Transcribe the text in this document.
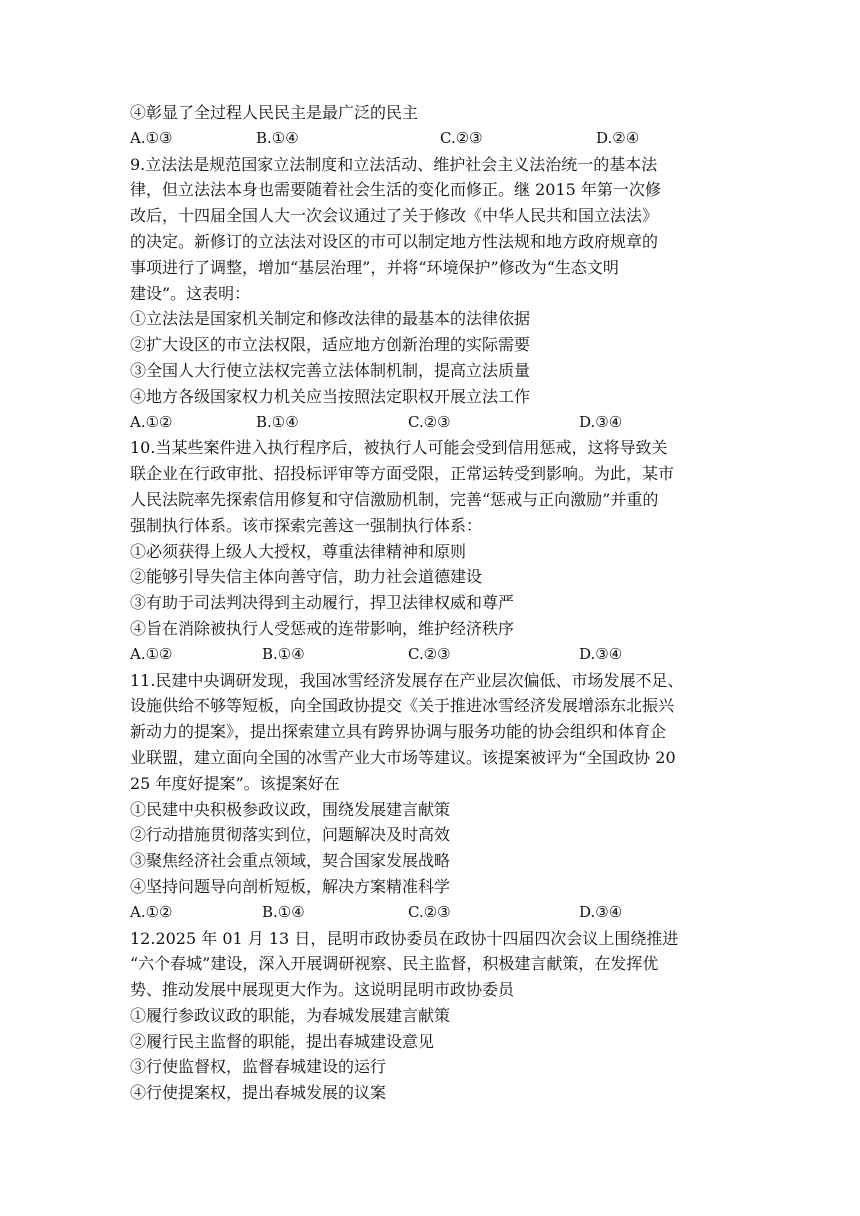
④彰显了全过程人民民主是最广泛的民主
A.①③	B.①④	C.②③	D.②④
9.立法法是规范国家立法制度和立法活动、维护社会主义法治统一的基本法
律，但立法法本身也需要随着社会生活的变化而修正。继 2015 年第一次修
改后，十四届全国人大一次会议通过了关于修改《中华人民共和国立法法》
的决定。新修订的立法法对设区的市可以制定地方性法规和地方政府规章的
事项进行了调整，增加“基层治理”，并将“环境保护”修改为“生态文明
建设”。这表明：
①立法法是国家机关制定和修改法律的最基本的法律依据
②扩大设区的市立法权限，适应地方创新治理的实际需要
③全国人大行使立法权完善立法体制机制，提高立法质量
④地方各级国家权力机关应当按照法定职权开展立法工作
A.①②	B.①④	C.②③	D.③④
10.当某些案件进入执行程序后，被执行人可能会受到信用惩戒，这将导致关
联企业在行政审批、招投标评审等方面受限，正常运转受到影响。为此，某市
人民法院率先探索信用修复和守信激励机制，完善“惩戒与正向激励”并重的
强制执行体系。该市探索完善这一强制执行体系：
①必须获得上级人大授权，尊重法律精神和原则
②能够引导失信主体向善守信，助力社会道德建设
③有助于司法判决得到主动履行，捍卫法律权威和尊严
④旨在消除被执行人受惩戒的连带影响，维护经济秩序
A.①②	B.①④	C.②③	D.③④
11.民建中央调研发现，我国冰雪经济发展存在产业层次偏低、市场发展不足、
设施供给不够等短板，向全国政协提交《关于推进冰雪经济发展增添东北振兴
新动力的提案》，提出探索建立具有跨界协调与服务功能的协会组织和体育企
业联盟，建立面向全国的冰雪产业大市场等建议。该提案被评为“全国政协 20
25 年度好提案”。该提案好在
①民建中央积极参政议政，围绕发展建言献策
②行动措施贯彻落实到位，问题解决及时高效
③聚焦经济社会重点领域，契合国家发展战略
④坚持问题导向剖析短板，解决方案精准科学
A.①②	B.①④	C.②③	D.③④
12.2025 年 01 月 13 日，昆明市政协委员在政协十四届四次会议上围绕推进
“六个春城”建设，深入开展调研视察、民主监督，积极建言献策，在发挥优
势、推动发展中展现更大作为。这说明昆明市政协委员
①履行参政议政的职能，为春城发展建言献策
②履行民主监督的职能，提出春城建设意见
③行使监督权，监督春城建设的运行
④行使提案权，提出春城发展的议案
